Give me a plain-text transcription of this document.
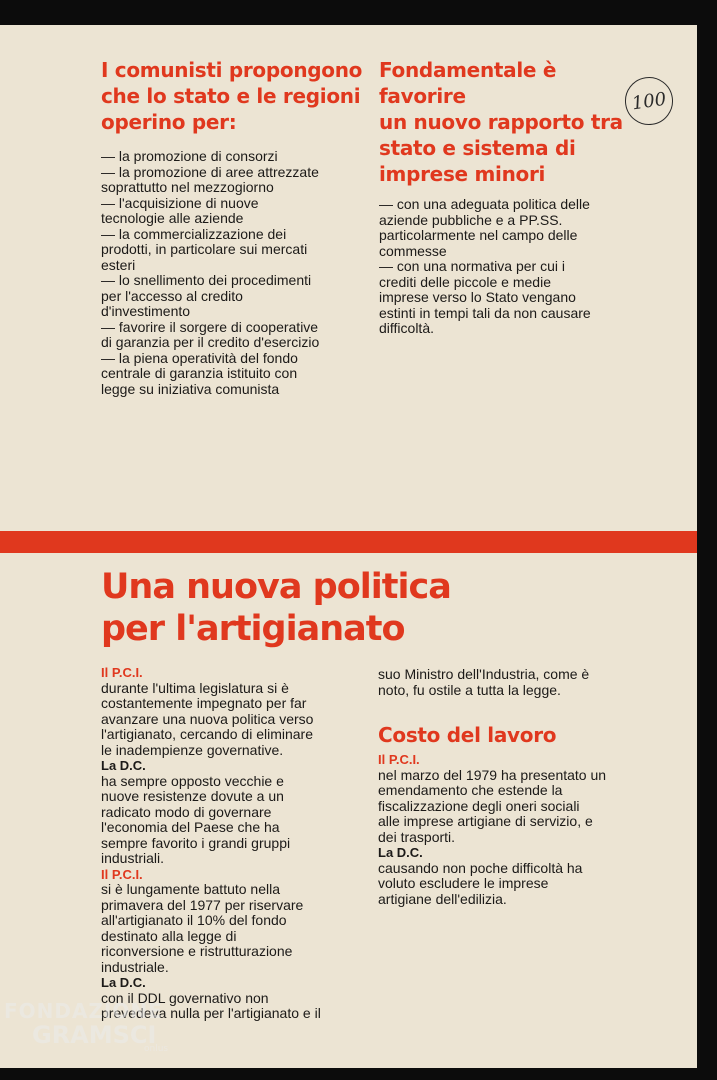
I comunisti propongono
che lo stato e le regioni
operino per:
— la promozione di consorzi
— la promozione di aree attrezzate
soprattutto nel mezzogiorno
— l'acquisizione di nuove
tecnologie alle aziende
— la commercializzazione dei
prodotti, in particolare sui mercati
esteri
— lo snellimento dei procedimenti
per l'accesso al credito
d'investimento
— favorire il sorgere di cooperative
di garanzia per il credito d'esercizio
— la piena operatività del fondo
centrale di garanzia istituito con
legge su iniziativa comunista
Fondamentale è favorire
un nuovo rapporto tra
stato e sistema di
imprese minori
— con una adeguata politica delle
aziende pubbliche e a PP.SS.
particolarmente nel campo delle
commesse
— con una normativa per cui i
crediti delle piccole e medie
imprese verso lo Stato vengano
estinti in tempi tali da non causare
difficoltà.
100
Una nuova politica
per l'artigianato
Il P.C.I.
durante l'ultima legislatura si è
costantemente impegnato per far
avanzare una nuova politica verso
l'artigianato, cercando di eliminare
le inadempienze governative.
La D.C.
ha sempre opposto vecchie e
nuove resistenze dovute a un
radicato modo di governare
l'economia del Paese che ha
sempre favorito i grandi gruppi
industriali.
Il P.C.I.
si è lungamente battuto nella
primavera del 1977 per riservare
all'artigianato il 10% del fondo
destinato alla legge di
riconversione e ristrutturazione
industriale.
La D.C.
con il DDL governativo non
prevedeva nulla per l'artigianato e il
suo Ministro dell'Industria, come è
noto, fu ostile a tutta la legge.
Costo del lavoro
Il P.C.I.
nel marzo del 1979 ha presentato un
emendamento che estende la
fiscalizzazione degli oneri sociali
alle imprese artigiane di servizio, e
dei trasporti.
La D.C.
causando non poche difficoltà ha
voluto escludere le imprese
artigiane dell'edilizia.
FONDAZIONE
GRAMSCI
onlus
